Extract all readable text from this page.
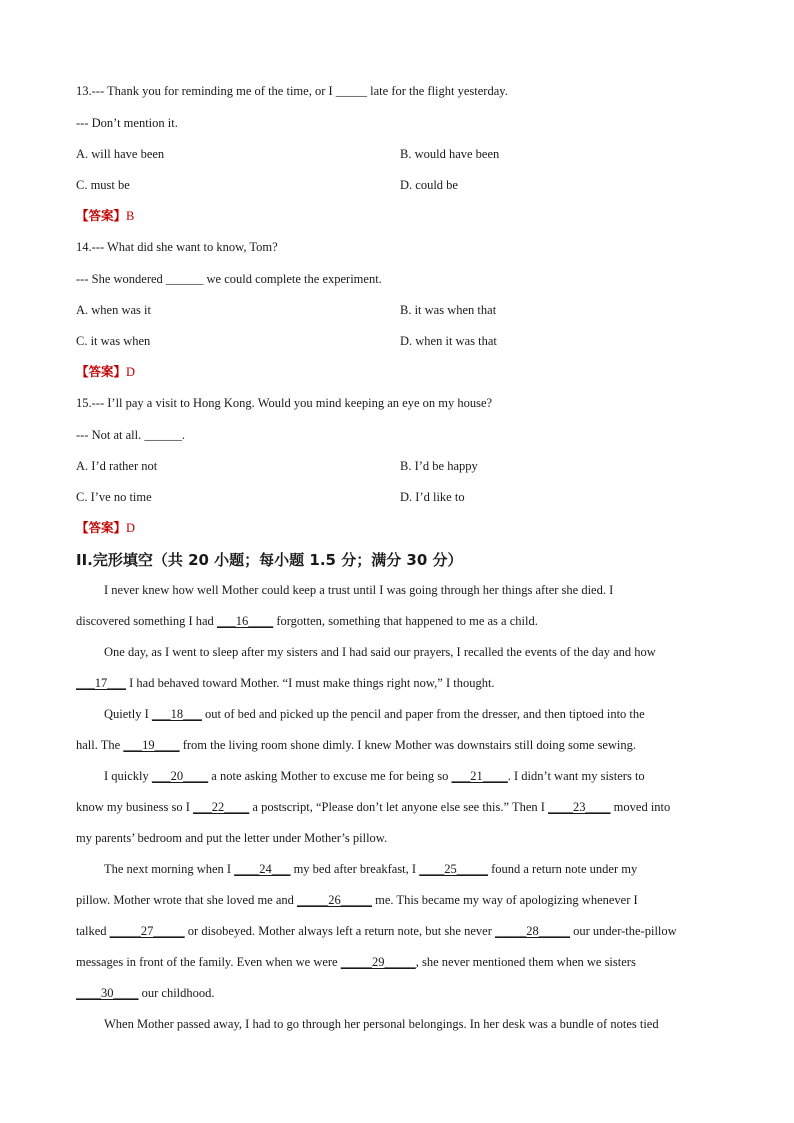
13.--- Thank you for reminding me of the time, or I _____ late for the flight yesterday.
--- Don’t mention it.
A. will have been	B. would have been
C. must be	D. could be
【答案】B
14.--- What did she want to know, Tom?
--- She wondered ______ we could complete the experiment.
A. when was it	B. it was when that
C. it was when	D. when it was that
【答案】D
15.--- I’ll pay a visit to Hong Kong. Would you mind keeping an eye on my house?
--- Not at all. ______.
A. I’d rather not	B. I’d be happy
C. I’ve no time	D. I’d like to
【答案】D
II.完形填空（共 20 小题；每小题 1.5 分；满分 30 分）
I never knew how well Mother could keep a trust until I was going through her things after she died. I
discovered something I had ___16____ forgotten, something that happened to me as a child.
One day, as I went to sleep after my sisters and I had said our prayers, I recalled the events of the day and how
___17___ I had behaved toward Mother. “I must make things right now,” I thought.
Quietly I ___18___ out of bed and picked up the pencil and paper from the dresser, and then tiptoed into the
hall. The ___19____ from the living room shone dimly. I knew Mother was downstairs still doing some sewing.
I quickly ___20____ a note asking Mother to excuse me for being so ___21____. I didn’t want my sisters to
know my business so I ___22____ a postscript, “Please don’t let anyone else see this.” Then I ____23____ moved into
my parents’ bedroom and put the letter under Mother’s pillow.
The next morning when I ____24___ my bed after breakfast, I ____25_____ found a return note under my
pillow. Mother wrote that she loved me and _____26_____ me. This became my way of apologizing whenever I
talked _____27_____ or disobeyed. Mother always left a return note, but she never _____28_____ our under-the-pillow
messages in front of the family. Even when we were _____29_____, she never mentioned them when we sisters
____30____ our childhood.
When Mother passed away, I had to go through her personal belongings. In her desk was a bundle of notes tied
